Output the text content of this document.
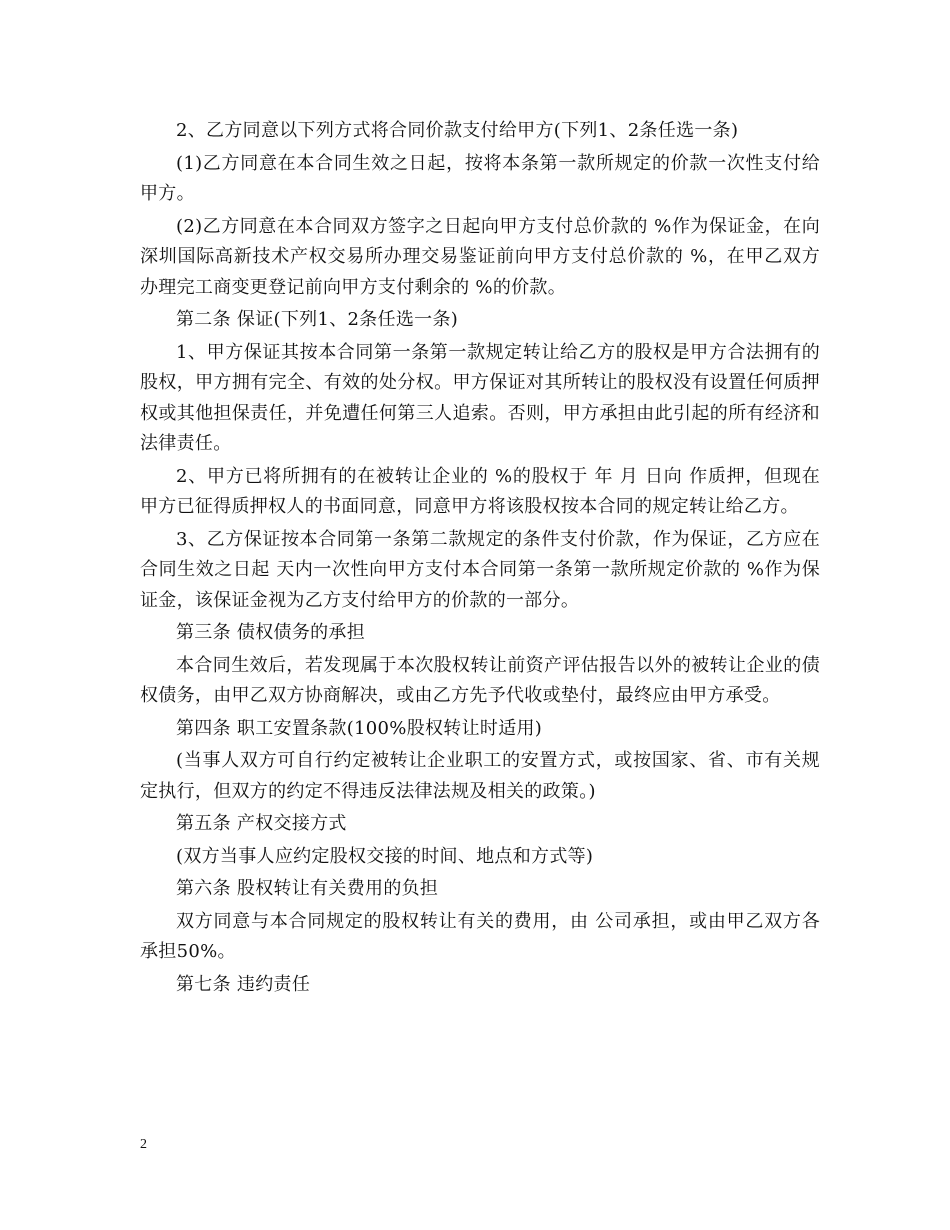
2、乙方同意以下列方式将合同价款支付给甲方(下列1、2条任选一条)

(1)乙方同意在本合同生效之日起，按将本条第一款所规定的价款一次性支付给甲方。

(2)乙方同意在本合同双方签字之日起向甲方支付总价款的 %作为保证金，在向深圳国际高新技术产权交易所办理交易鉴证前向甲方支付总价款的 %，在甲乙双方办理完工商变更登记前向甲方支付剩余的 %的价款。

第二条 保证(下列1、2条任选一条)

1、甲方保证其按本合同第一条第一款规定转让给乙方的股权是甲方合法拥有的股权，甲方拥有完全、有效的处分权。甲方保证对其所转让的股权没有设置任何质押权或其他担保责任，并免遭任何第三人追索。否则，甲方承担由此引起的所有经济和法律责任。

2、甲方已将所拥有的在被转让企业的 %的股权于 年 月 日向 作质押，但现在甲方已征得质押权人的书面同意，同意甲方将该股权按本合同的规定转让给乙方。

3、乙方保证按本合同第一条第二款规定的条件支付价款，作为保证，乙方应在合同生效之日起 天内一次性向甲方支付本合同第一条第一款所规定价款的 %作为保证金，该保证金视为乙方支付给甲方的价款的一部分。

第三条 债权债务的承担

本合同生效后，若发现属于本次股权转让前资产评估报告以外的被转让企业的债权债务，由甲乙双方协商解决，或由乙方先予代收或垫付，最终应由甲方承受。

第四条 职工安置条款(100%股权转让时适用)

(当事人双方可自行约定被转让企业职工的安置方式，或按国家、省、市有关规定执行，但双方的约定不得违反法律法规及相关的政策。)

第五条 产权交接方式

(双方当事人应约定股权交接的时间、地点和方式等)

第六条 股权转让有关费用的负担

双方同意与本合同规定的股权转让有关的费用，由 公司承担，或由甲乙双方各承担50%。

第七条 违约责任

2
